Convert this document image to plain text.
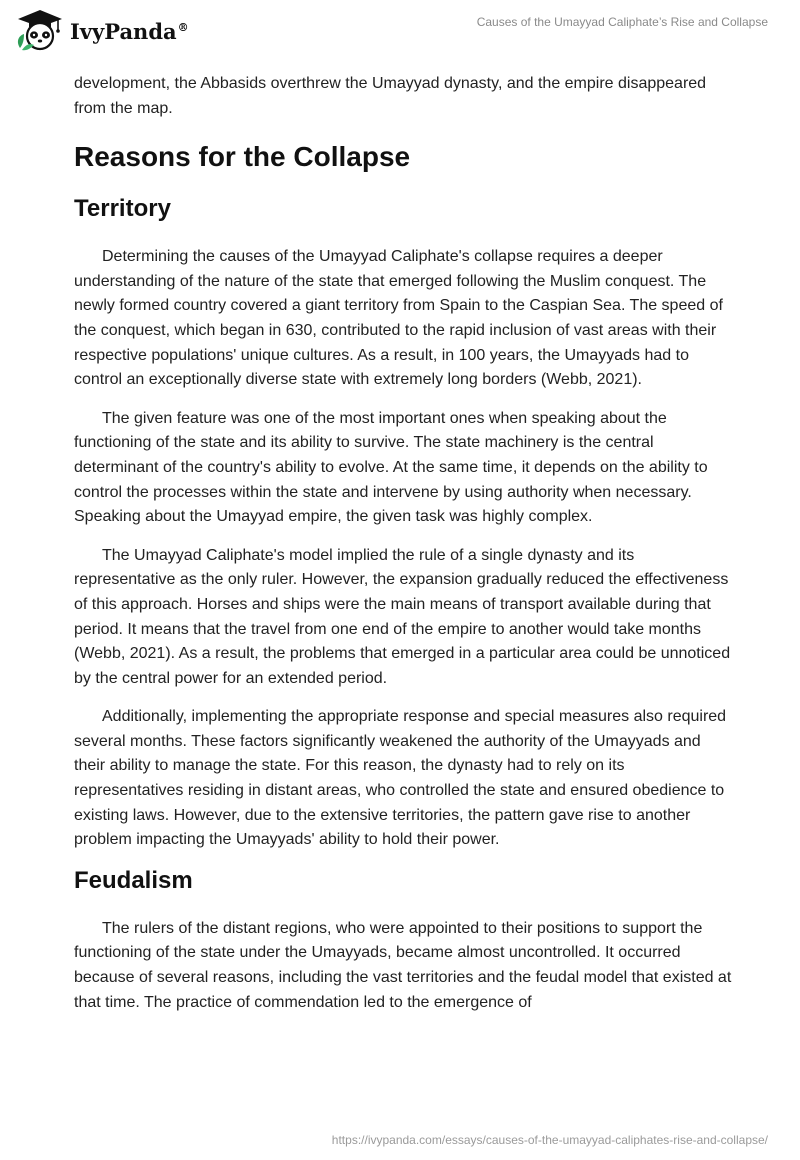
IvyPanda®	Causes of the Umayyad Caliphate’s Rise and Collapse

development, the Abbasids overthrew the Umayyad dynasty, and the empire disappeared from the map.

Reasons for the Collapse
Territory

Determining the causes of the Umayyad Caliphate's collapse requires a deeper understanding of the nature of the state that emerged following the Muslim conquest. The newly formed country covered a giant territory from Spain to the Caspian Sea. The speed of the conquest, which began in 630, contributed to the rapid inclusion of vast areas with their respective populations' unique cultures. As a result, in 100 years, the Umayyads had to control an exceptionally diverse state with extremely long borders (Webb, 2021).

The given feature was one of the most important ones when speaking about the functioning of the state and its ability to survive. The state machinery is the central determinant of the country's ability to evolve. At the same time, it depends on the ability to control the processes within the state and intervene by using authority when necessary. Speaking about the Umayyad empire, the given task was highly complex.

The Umayyad Caliphate's model implied the rule of a single dynasty and its representative as the only ruler. However, the expansion gradually reduced the effectiveness of this approach. Horses and ships were the main means of transport available during that period. It means that the travel from one end of the empire to another would take months (Webb, 2021). As a result, the problems that emerged in a particular area could be unnoticed by the central power for an extended period.

Additionally, implementing the appropriate response and special measures also required several months. These factors significantly weakened the authority of the Umayyads and their ability to manage the state. For this reason, the dynasty had to rely on its representatives residing in distant areas, who controlled the state and ensured obedience to existing laws. However, due to the extensive territories, the pattern gave rise to another problem impacting the Umayyads' ability to hold their power.

Feudalism

The rulers of the distant regions, who were appointed to their positions to support the functioning of the state under the Umayyads, became almost uncontrolled. It occurred because of several reasons, including the vast territories and the feudal model that existed at that time. The practice of commendation led to the emergence of

https://ivypanda.com/essays/causes-of-the-umayyad-caliphates-rise-and-collapse/
